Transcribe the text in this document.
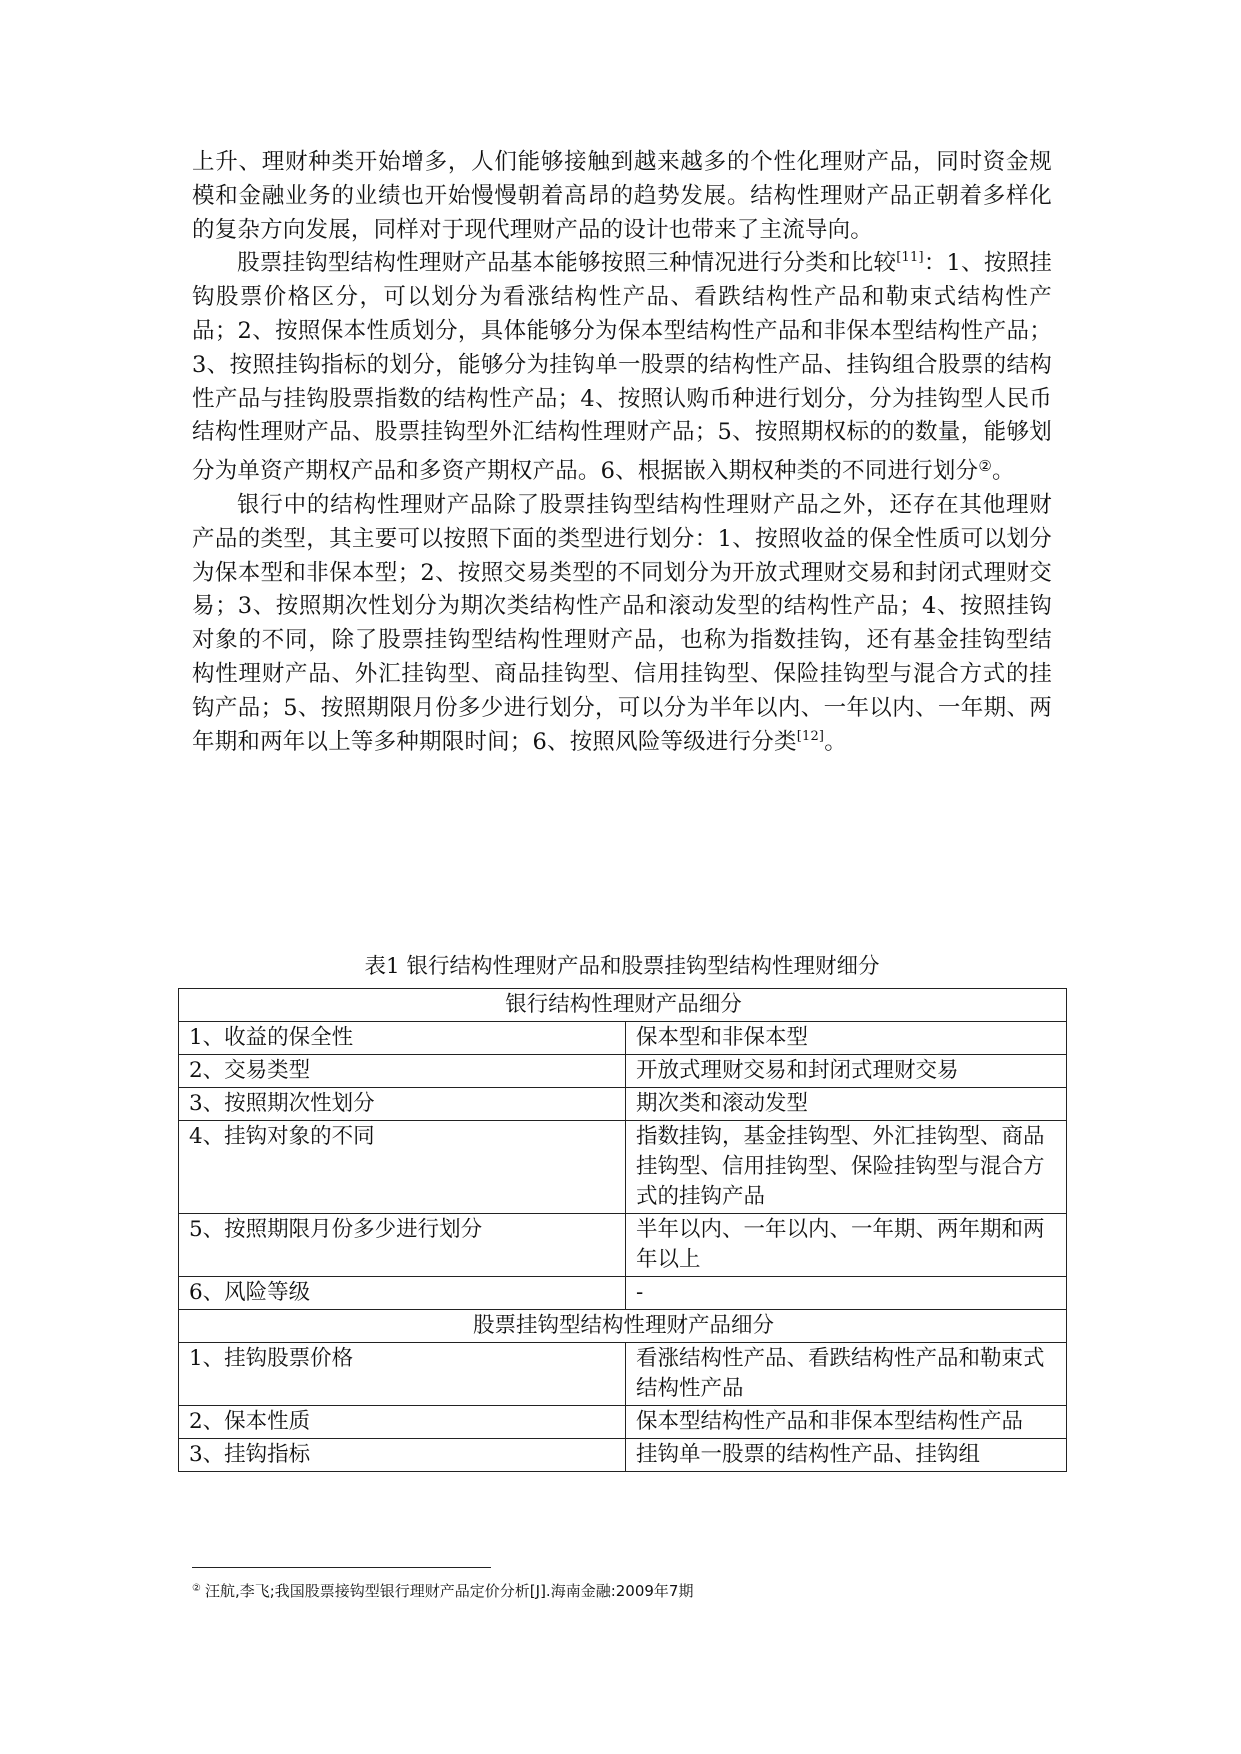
上升、理财种类开始增多，人们能够接触到越来越多的个性化理财产品，同时资金规模和金融业务的业绩也开始慢慢朝着高昂的趋势发展。结构性理财产品正朝着多样化的复杂方向发展，同样对于现代理财产品的设计也带来了主流导向。

股票挂钩型结构性理财产品基本能够按照三种情况进行分类和比较[11]：1、按照挂钩股票价格区分，可以划分为看涨结构性产品、看跌结构性产品和勒束式结构性产品；2、按照保本性质划分，具体能够分为保本型结构性产品和非保本型结构性产品；3、按照挂钩指标的划分，能够分为挂钩单一股票的结构性产品、挂钩组合股票的结构性产品与挂钩股票指数的结构性产品；4、按照认购币种进行划分，分为挂钩型人民币结构性理财产品、股票挂钩型外汇结构性理财产品；5、按照期权标的的数量，能够划分为单资产期权产品和多资产期权产品。6、根据嵌入期权种类的不同进行划分②。

银行中的结构性理财产品除了股票挂钩型结构性理财产品之外，还存在其他理财产品的类型，其主要可以按照下面的类型进行划分：1、按照收益的保全性质可以划分为保本型和非保本型；2、按照交易类型的不同划分为开放式理财交易和封闭式理财交易；3、按照期次性划分为期次类结构性产品和滚动发型的结构性产品；4、按照挂钩对象的不同，除了股票挂钩型结构性理财产品，也称为指数挂钩，还有基金挂钩型结构性理财产品、外汇挂钩型、商品挂钩型、信用挂钩型、保险挂钩型与混合方式的挂钩产品；5、按照期限月份多少进行划分，可以分为半年以内、一年以内、一年期、两年期和两年以上等多种期限时间；6、按照风险等级进行分类[12]。

表1 银行结构性理财产品和股票挂钩型结构性理财细分
银行结构性理财产品细分	
1、收益的保全性	保本型和非保本型
2、交易类型	开放式理财交易和封闭式理财交易
3、按照期次性划分	期次类和滚动发型
4、挂钩对象的不同	指数挂钩，基金挂钩型、外汇挂钩型、商品挂钩型、信用挂钩型、保险挂钩型与混合方式的挂钩产品
5、按照期限月份多少进行划分	半年以内、一年以内、一年期、两年期和两年以上
6、风险等级	-
股票挂钩型结构性理财产品细分	
1、挂钩股票价格	看涨结构性产品、看跌结构性产品和勒束式结构性产品
2、保本性质	保本型结构性产品和非保本型结构性产品
3、挂钩指标	挂钩单一股票的结构性产品、挂钩组
② 汪航,李飞;我国股票接钩型银行理财产品定价分析[J].海南金融:2009年7期
